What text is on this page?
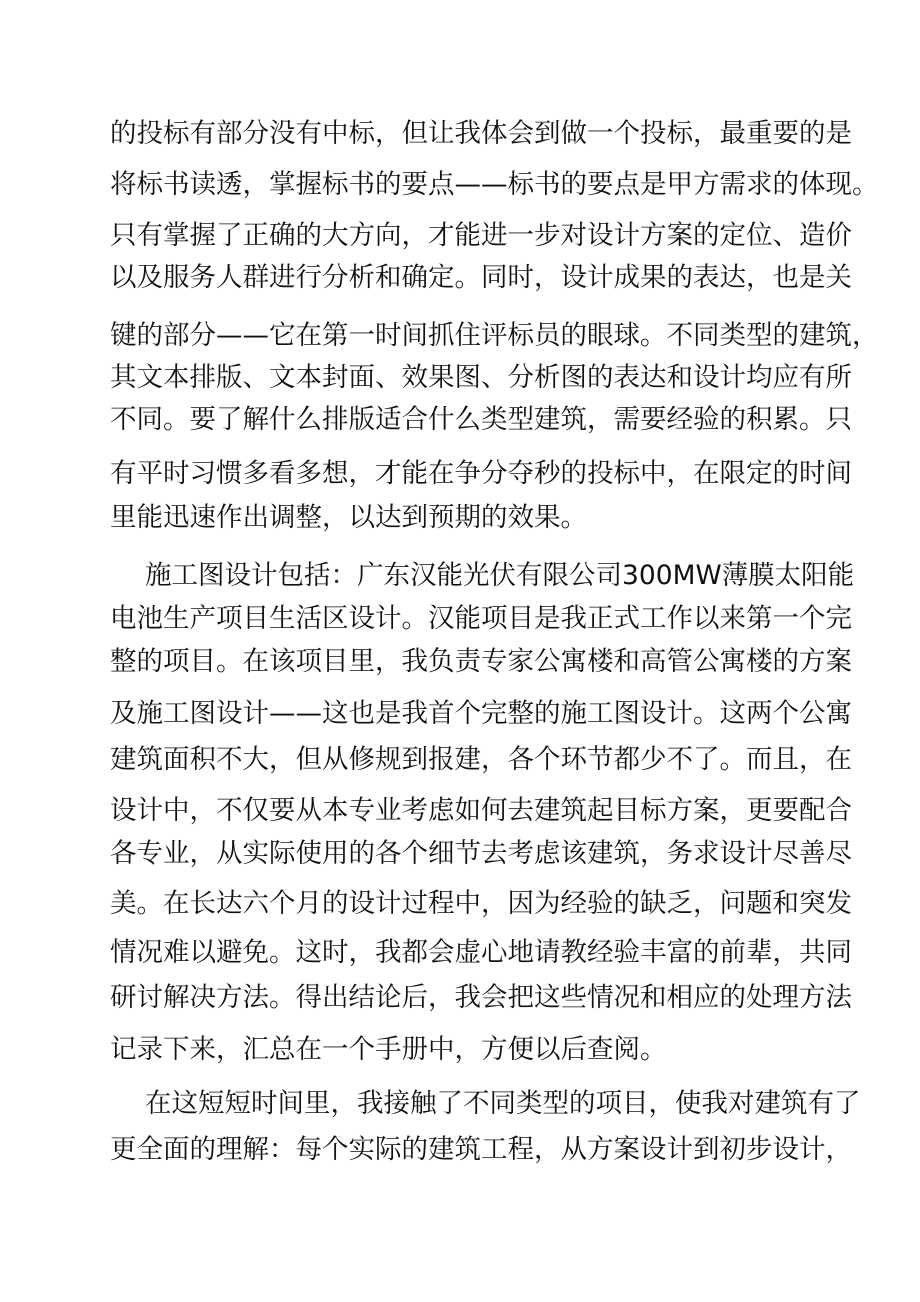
的投标有部分没有中标，但让我体会到做一个投标，最重要的是
将标书读透，掌握标书的要点——标书的要点是甲方需求的体现。
只有掌握了正确的大方向，才能进一步对设计方案的定位、造价
以及服务人群进行分析和确定。同时，设计成果的表达，也是关
键的部分——它在第一时间抓住评标员的眼球。不同类型的建筑，
其文本排版、文本封面、效果图、分析图的表达和设计均应有所
不同。要了解什么排版适合什么类型建筑，需要经验的积累。只
有平时习惯多看多想，才能在争分夺秒的投标中，在限定的时间
里能迅速作出调整，以达到预期的效果。
施工图设计包括：广东汉能光伏有限公司300MW薄膜太阳能
电池生产项目生活区设计。汉能项目是我正式工作以来第一个完
整的项目。在该项目里，我负责专家公寓楼和高管公寓楼的方案
及施工图设计——这也是我首个完整的施工图设计。这两个公寓
建筑面积不大，但从修规到报建，各个环节都少不了。而且，在
设计中，不仅要从本专业考虑如何去建筑起目标方案，更要配合
各专业，从实际使用的各个细节去考虑该建筑，务求设计尽善尽
美。在长达六个月的设计过程中，因为经验的缺乏，问题和突发
情况难以避免。这时，我都会虚心地请教经验丰富的前辈，共同
研讨解决方法。得出结论后，我会把这些情况和相应的处理方法
记录下来，汇总在一个手册中，方便以后查阅。
在这短短时间里，我接触了不同类型的项目，使我对建筑有了
更全面的理解：每个实际的建筑工程，从方案设计到初步设计，
